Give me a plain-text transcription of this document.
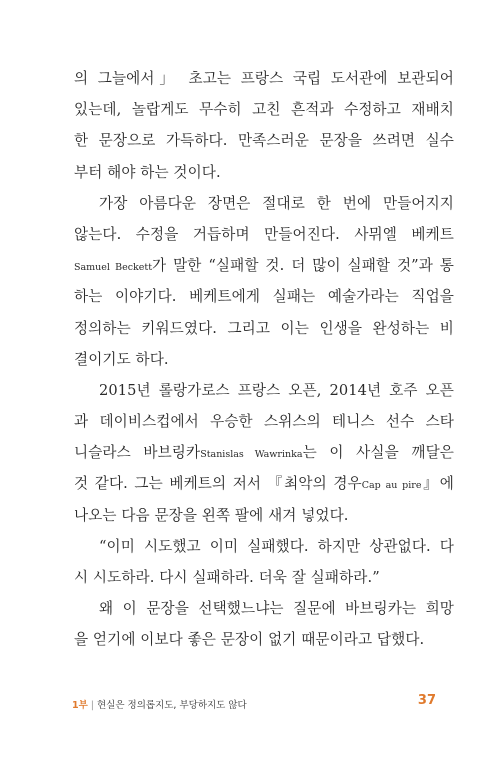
의 그늘에서」 초고는 프랑스 국립 도서관에 보관되어
있는데, 놀랍게도 무수히 고친 흔적과 수정하고 재배치
한 문장으로 가득하다. 만족스러운 문장을 쓰려면 실수
부터 해야 하는 것이다.
가장 아름다운 장면은 절대로 한 번에 만들어지지
않는다. 수정을 거듭하며 만들어진다. 사뮈엘 베케트
Samuel Beckett가 말한 “실패할 것. 더 많이 실패할 것”과 통
하는 이야기다. 베케트에게 실패는 예술가라는 직업을
정의하는 키워드였다. 그리고 이는 인생을 완성하는 비
결이기도 하다.
2015년 롤랑가로스 프랑스 오픈, 2014년 호주 오픈
과 데이비스컵에서 우승한 스위스의 테니스 선수 스타
니슬라스 바브링카Stanislas Wawrinka는 이 사실을 깨달은
것 같다. 그는 베케트의 저서 『최악의 경우Cap au pire』에
나오는 다음 문장을 왼쪽 팔에 새겨 넣었다.
“이미 시도했고 이미 실패했다. 하지만 상관없다. 다
시 시도하라. 다시 실패하라. 더욱 잘 실패하라.”
왜 이 문장을 선택했느냐는 질문에 바브링카는 희망
을 얻기에 이보다 좋은 문장이 없기 때문이라고 답했다.
1부 | 현실은 정의롭지도, 부당하지도 않다	37
